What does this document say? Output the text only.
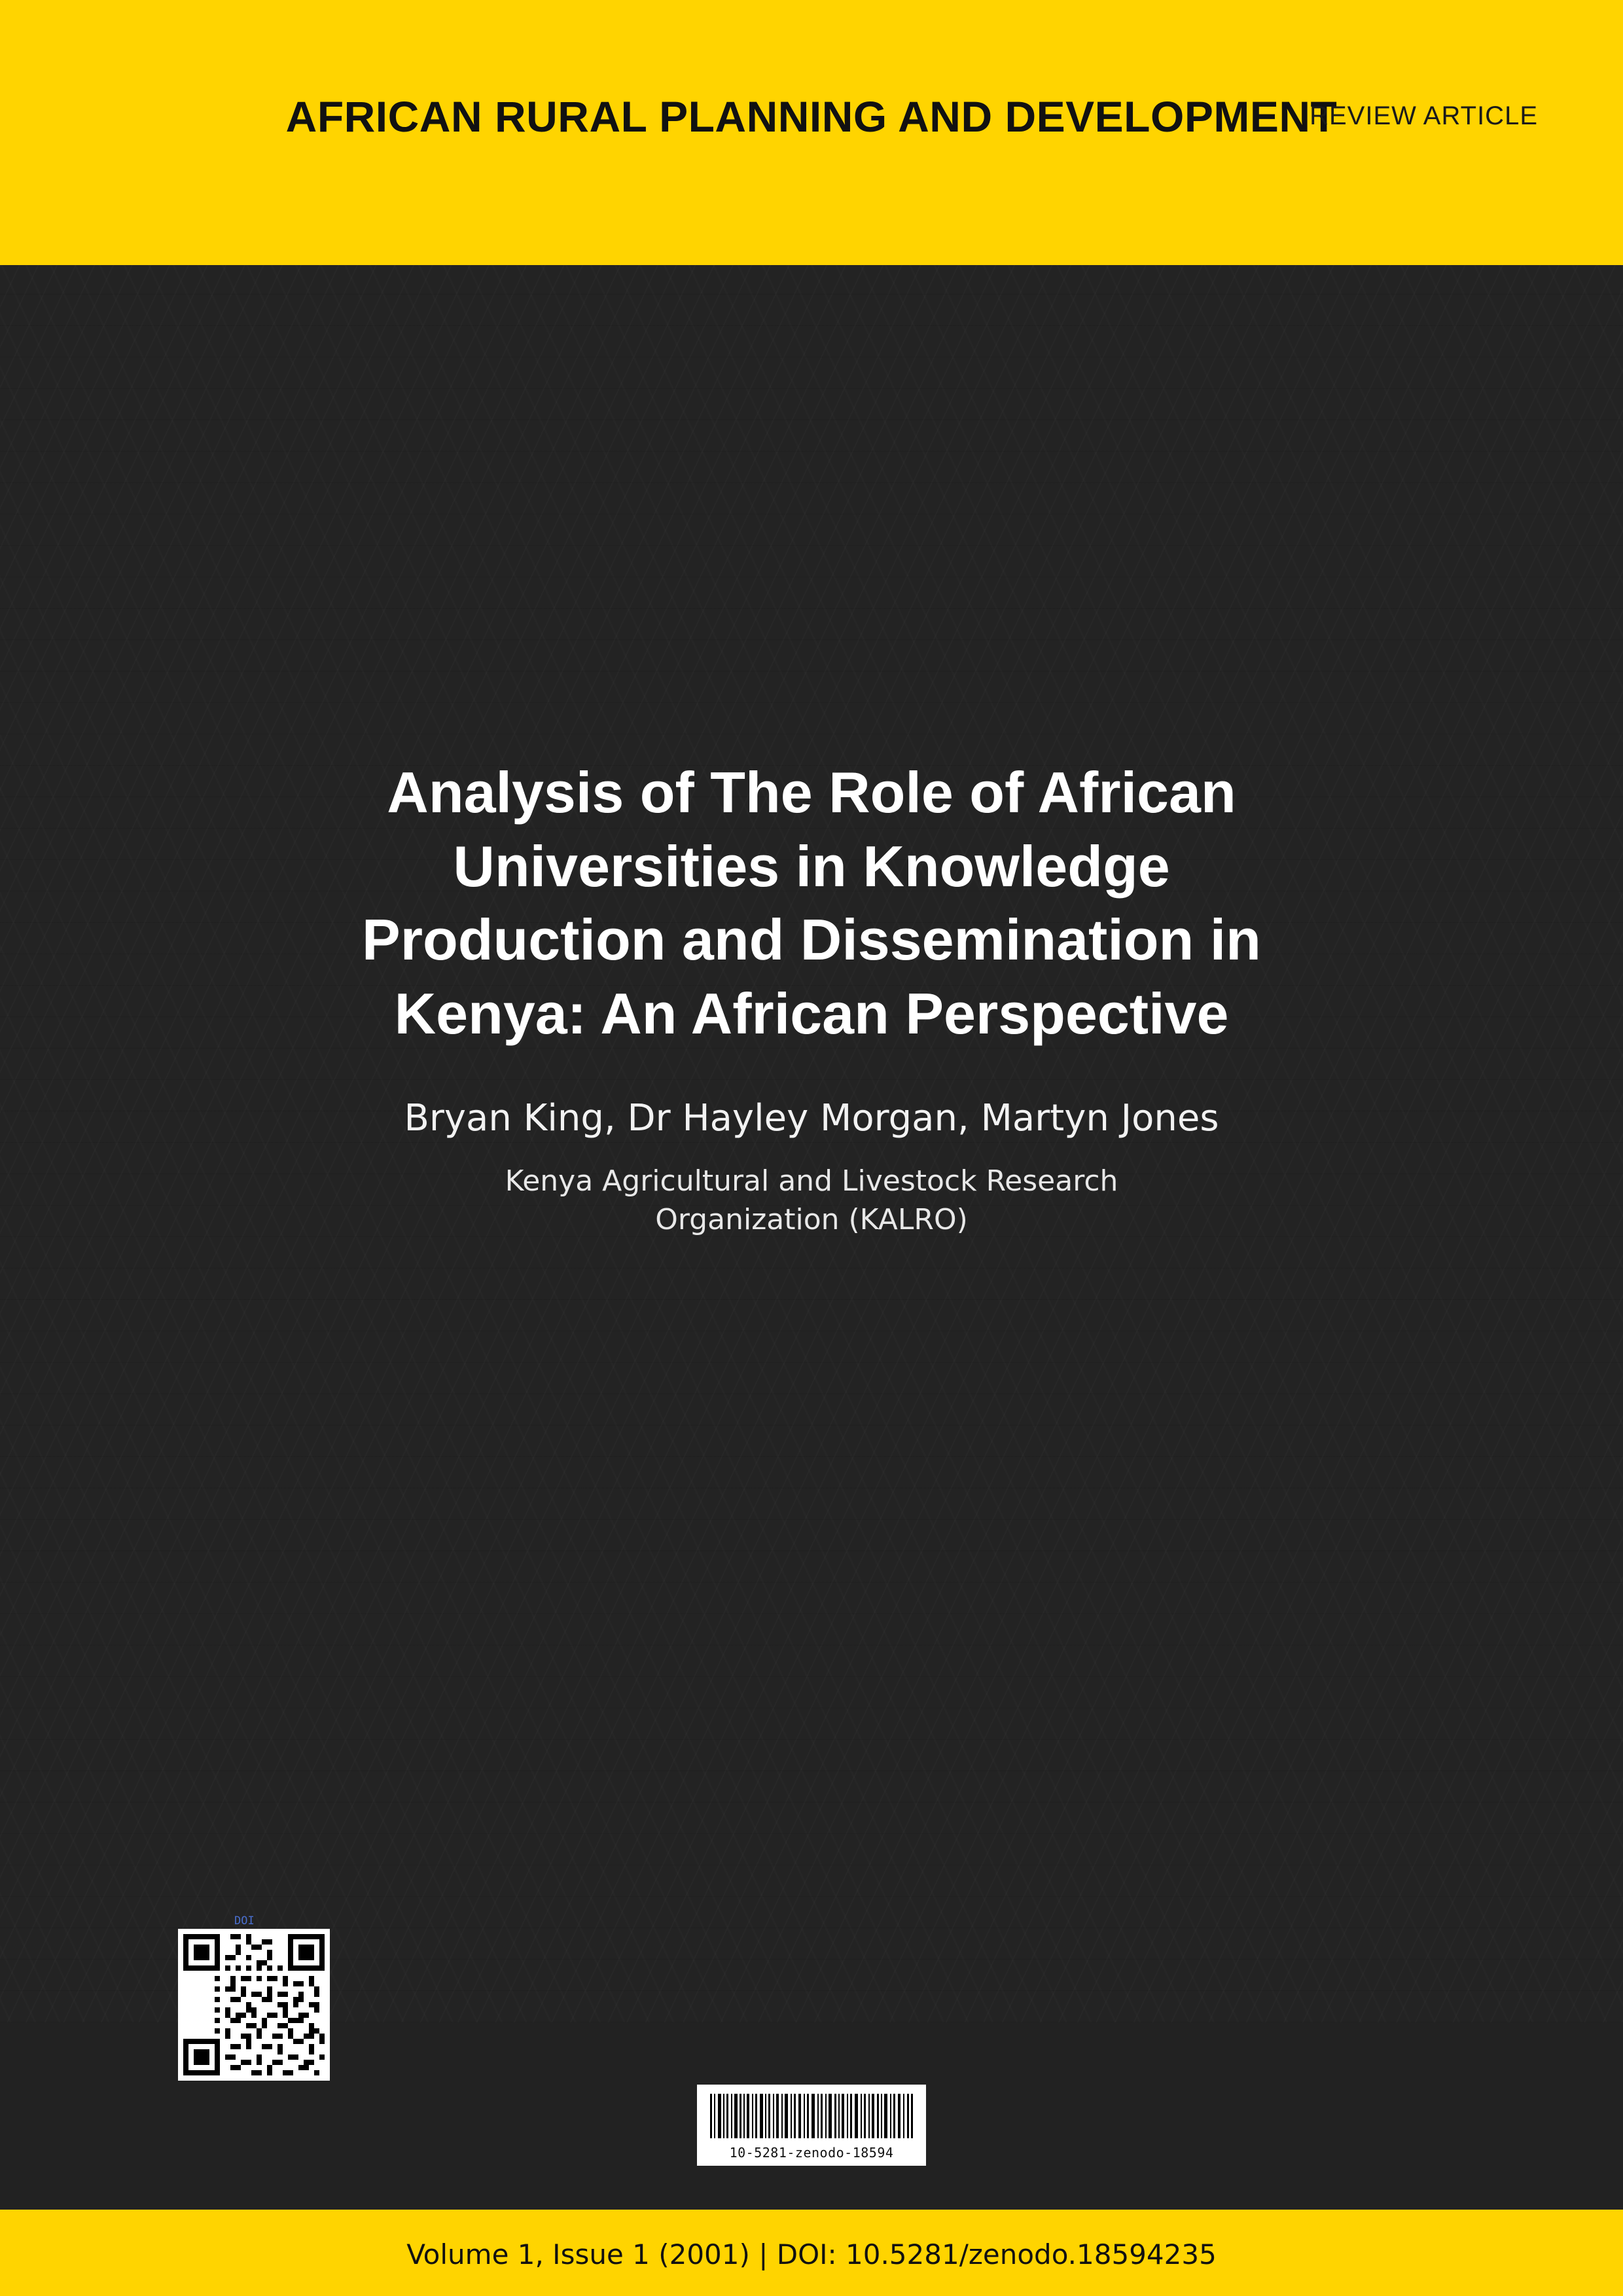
AFRICAN RURAL PLANNING AND DEVELOPMENT
REVIEW ARTICLE
Analysis of The Role of African Universities in Knowledge Production and Dissemination in Kenya: An African Perspective
Bryan King, Dr Hayley Morgan, Martyn Jones
Kenya Agricultural and Livestock Research Organization (KALRO)
DOI
10-5281-zenodo-18594
Volume 1, Issue 1 (2001) | DOI: 10.5281/zenodo.18594235
